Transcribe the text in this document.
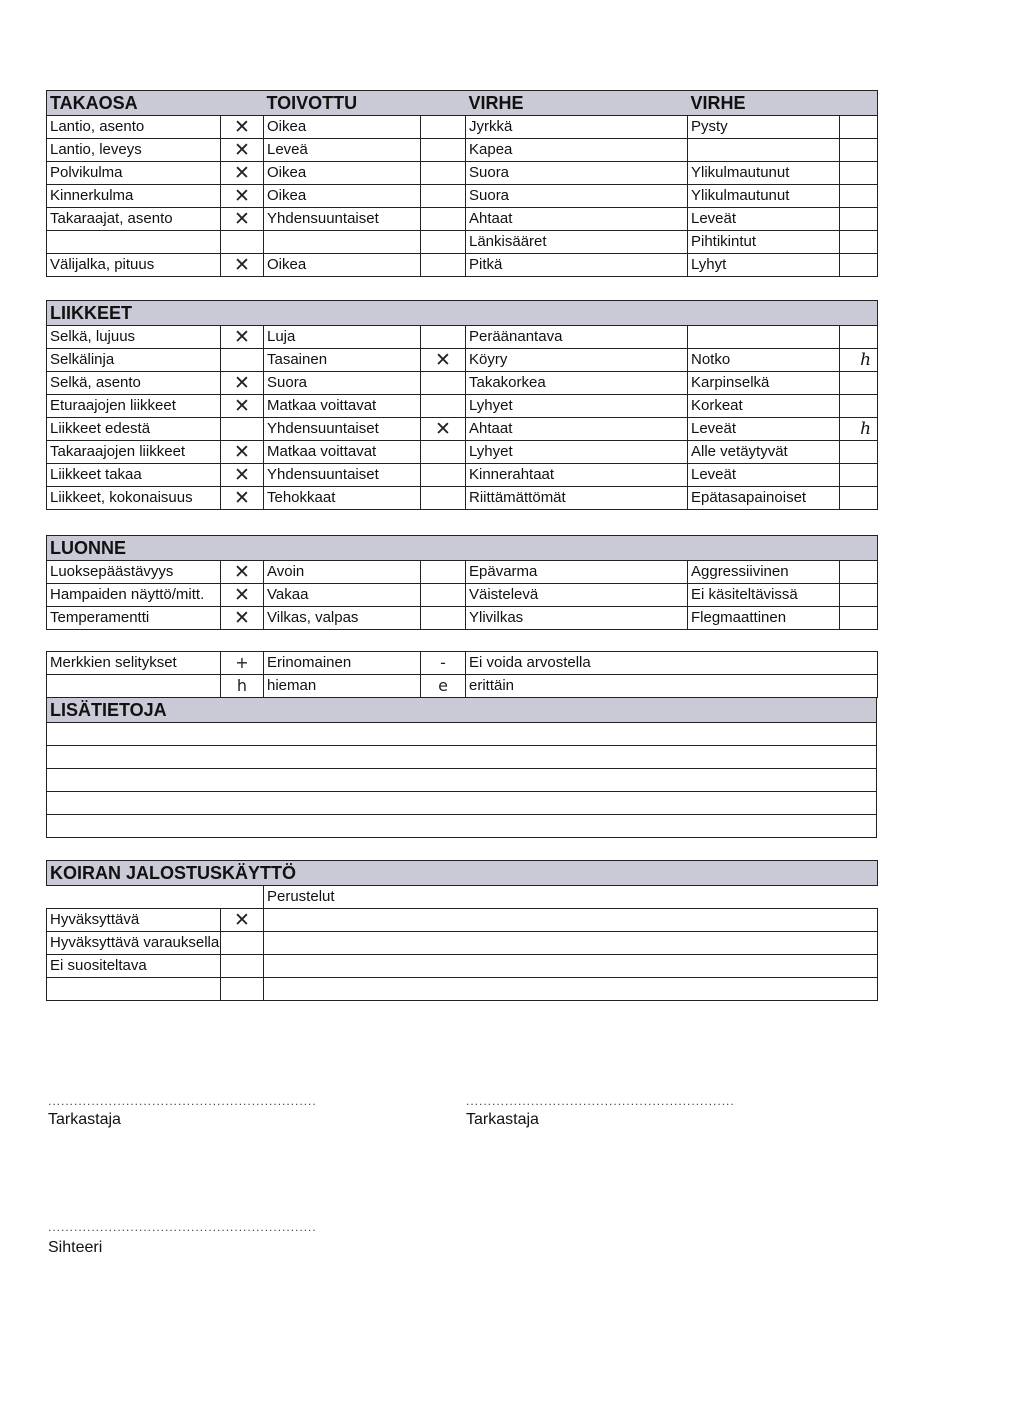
TAKAOSA		TOIVOTTU		VIRHE	VIRHE	
Lantio, asento	✕	Oikea		Jyrkkä	Pysty	
Lantio, leveys	✕	Leveä		Kapea		
Polvikulma	✕	Oikea		Suora	Ylikulmautunut	
Kinnerkulma	✕	Oikea		Suora	Ylikulmautunut	
Takaraajat, asento	✕	Yhdensuuntaiset		Ahtaat	Leveät	
				Länkisääret	Pihtikintut	
Välijalka, pituus	✕	Oikea		Pitkä	Lyhyt	
LIIKKEET						
Selkä, lujuus	✕	Luja		Peräänantava		
Selkälinja		Tasainen	✕	Köyry	Notko	h
Selkä, asento	✕	Suora		Takakorkea	Karpinselkä	
Eturaajojen liikkeet	✕	Matkaa voittavat		Lyhyet	Korkeat	
Liikkeet edestä		Yhdensuuntaiset	✕	Ahtaat	Leveät	h
Takaraajojen liikkeet	✕	Matkaa voittavat		Lyhyet	Alle vetäytyvät	
Liikkeet takaa	✕	Yhdensuuntaiset		Kinnerahtaat	Leveät	
Liikkeet, kokonaisuus	✕	Tehokkaat		Riittämättömät	Epätasapainoiset	
LUONNE						
Luoksepäästävyys	✕	Avoin		Epävarma	Aggressiivinen	
Hampaiden näyttö/mitt.	✕	Vakaa		Väistelevä	Ei käsiteltävissä	
Temperamentti	✕	Vilkas, valpas		Ylivilkas	Flegmaattinen	
Merkkien selitykset	+	Erinomainen	-	Ei voida arvostella
	h	hieman	e	erittäin
LISÄTIETOJA

KOIRAN JALOSTUSKÄYTTÖ		
		Perustelut
Hyväksyttävä	✕	
Hyväksyttävä varauksella		
Ei suositeltava		

..............................................................
Tarkastaja
..............................................................
Tarkastaja
..............................................................
Sihteeri
